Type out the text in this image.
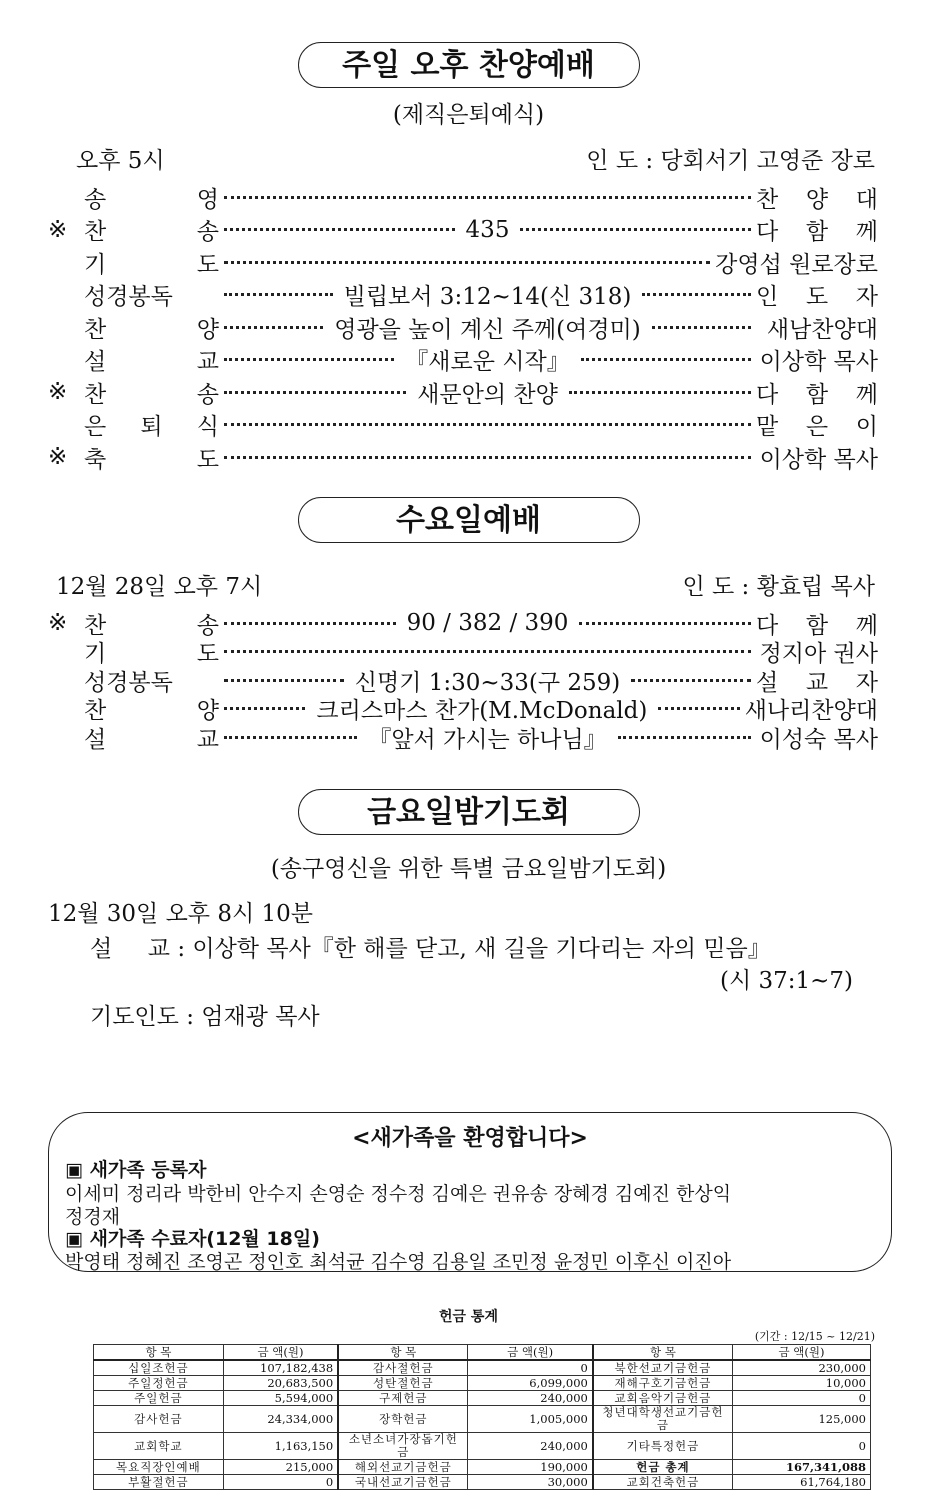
주일 오후 찬양예배
(제직은퇴예식)
오후 5시	인 도 : 당회서기 고영준 장로
송 영	찬 양 대
※ 찬 송	435	다 함 께
기 도	강영섭 원로장로
성경봉독	빌립보서 3:12~14(신 318)	인 도 자
찬 양	영광을 높이 계신 주께(여경미)	새남찬양대
설 교	『새로운 시작』	이상학 목사
※ 찬 송	새문안의 찬양	다 함 께
은 퇴 식	맡 은 이
※ 축 도	이상학 목사
수요일예배
12월 28일 오후 7시	인 도 : 황효립 목사
※ 찬 송	90 / 382 / 390	다 함 께
기 도	정지아 권사
성경봉독	신명기 1:30~33(구 259)	설 교 자
찬 양	크리스마스 찬가(M.McDonald)	새나리찬양대
설 교	『앞서 가시는 하나님』	이성숙 목사
금요일밤기도회
(송구영신을 위한 특별 금요일밤기도회)
12월 30일 오후 8시 10분
설 교 : 이상학 목사『한 해를 닫고, 새 길을 기다리는 자의 믿음』
(시 37:1~7)
기도인도 : 엄재광 목사
<새가족을 환영합니다>
▣ 새가족 등록자
이세미 정리라 박한비 안수지 손영순 정수정 김예은 권유송 장혜경 김예진 한상익
정경재
▣ 새가족 수료자(12월 18일)
박영태 정혜진 조영곤 정인호 최석균 김수영 김용일 조민정 윤정민 이후신 이진아
헌금 통계
(기간 : 12/15 ~ 12/21)
항 목	금 액(원)	항 목	금 액(원)	항 목	금 액(원)
십일조헌금	107,182,438	감사절헌금	0	북한선교기금헌금	230,000
주일정헌금	20,683,500	성탄절헌금	6,099,000	재해구호기금헌금	10,000
주일헌금	5,594,000	구제헌금	240,000	교회음악기금헌금	0
감사헌금	24,334,000	장학헌금	1,005,000	청년대학생선교기금헌금	125,000
교회학교	1,163,150	소년소녀가장돕기헌금	240,000	기타특정헌금	0
목요직장인예배	215,000	해외선교기금헌금	190,000	헌금 총계	167,341,088
부활절헌금	0	국내선교기금헌금	30,000	교회건축헌금	61,764,180
